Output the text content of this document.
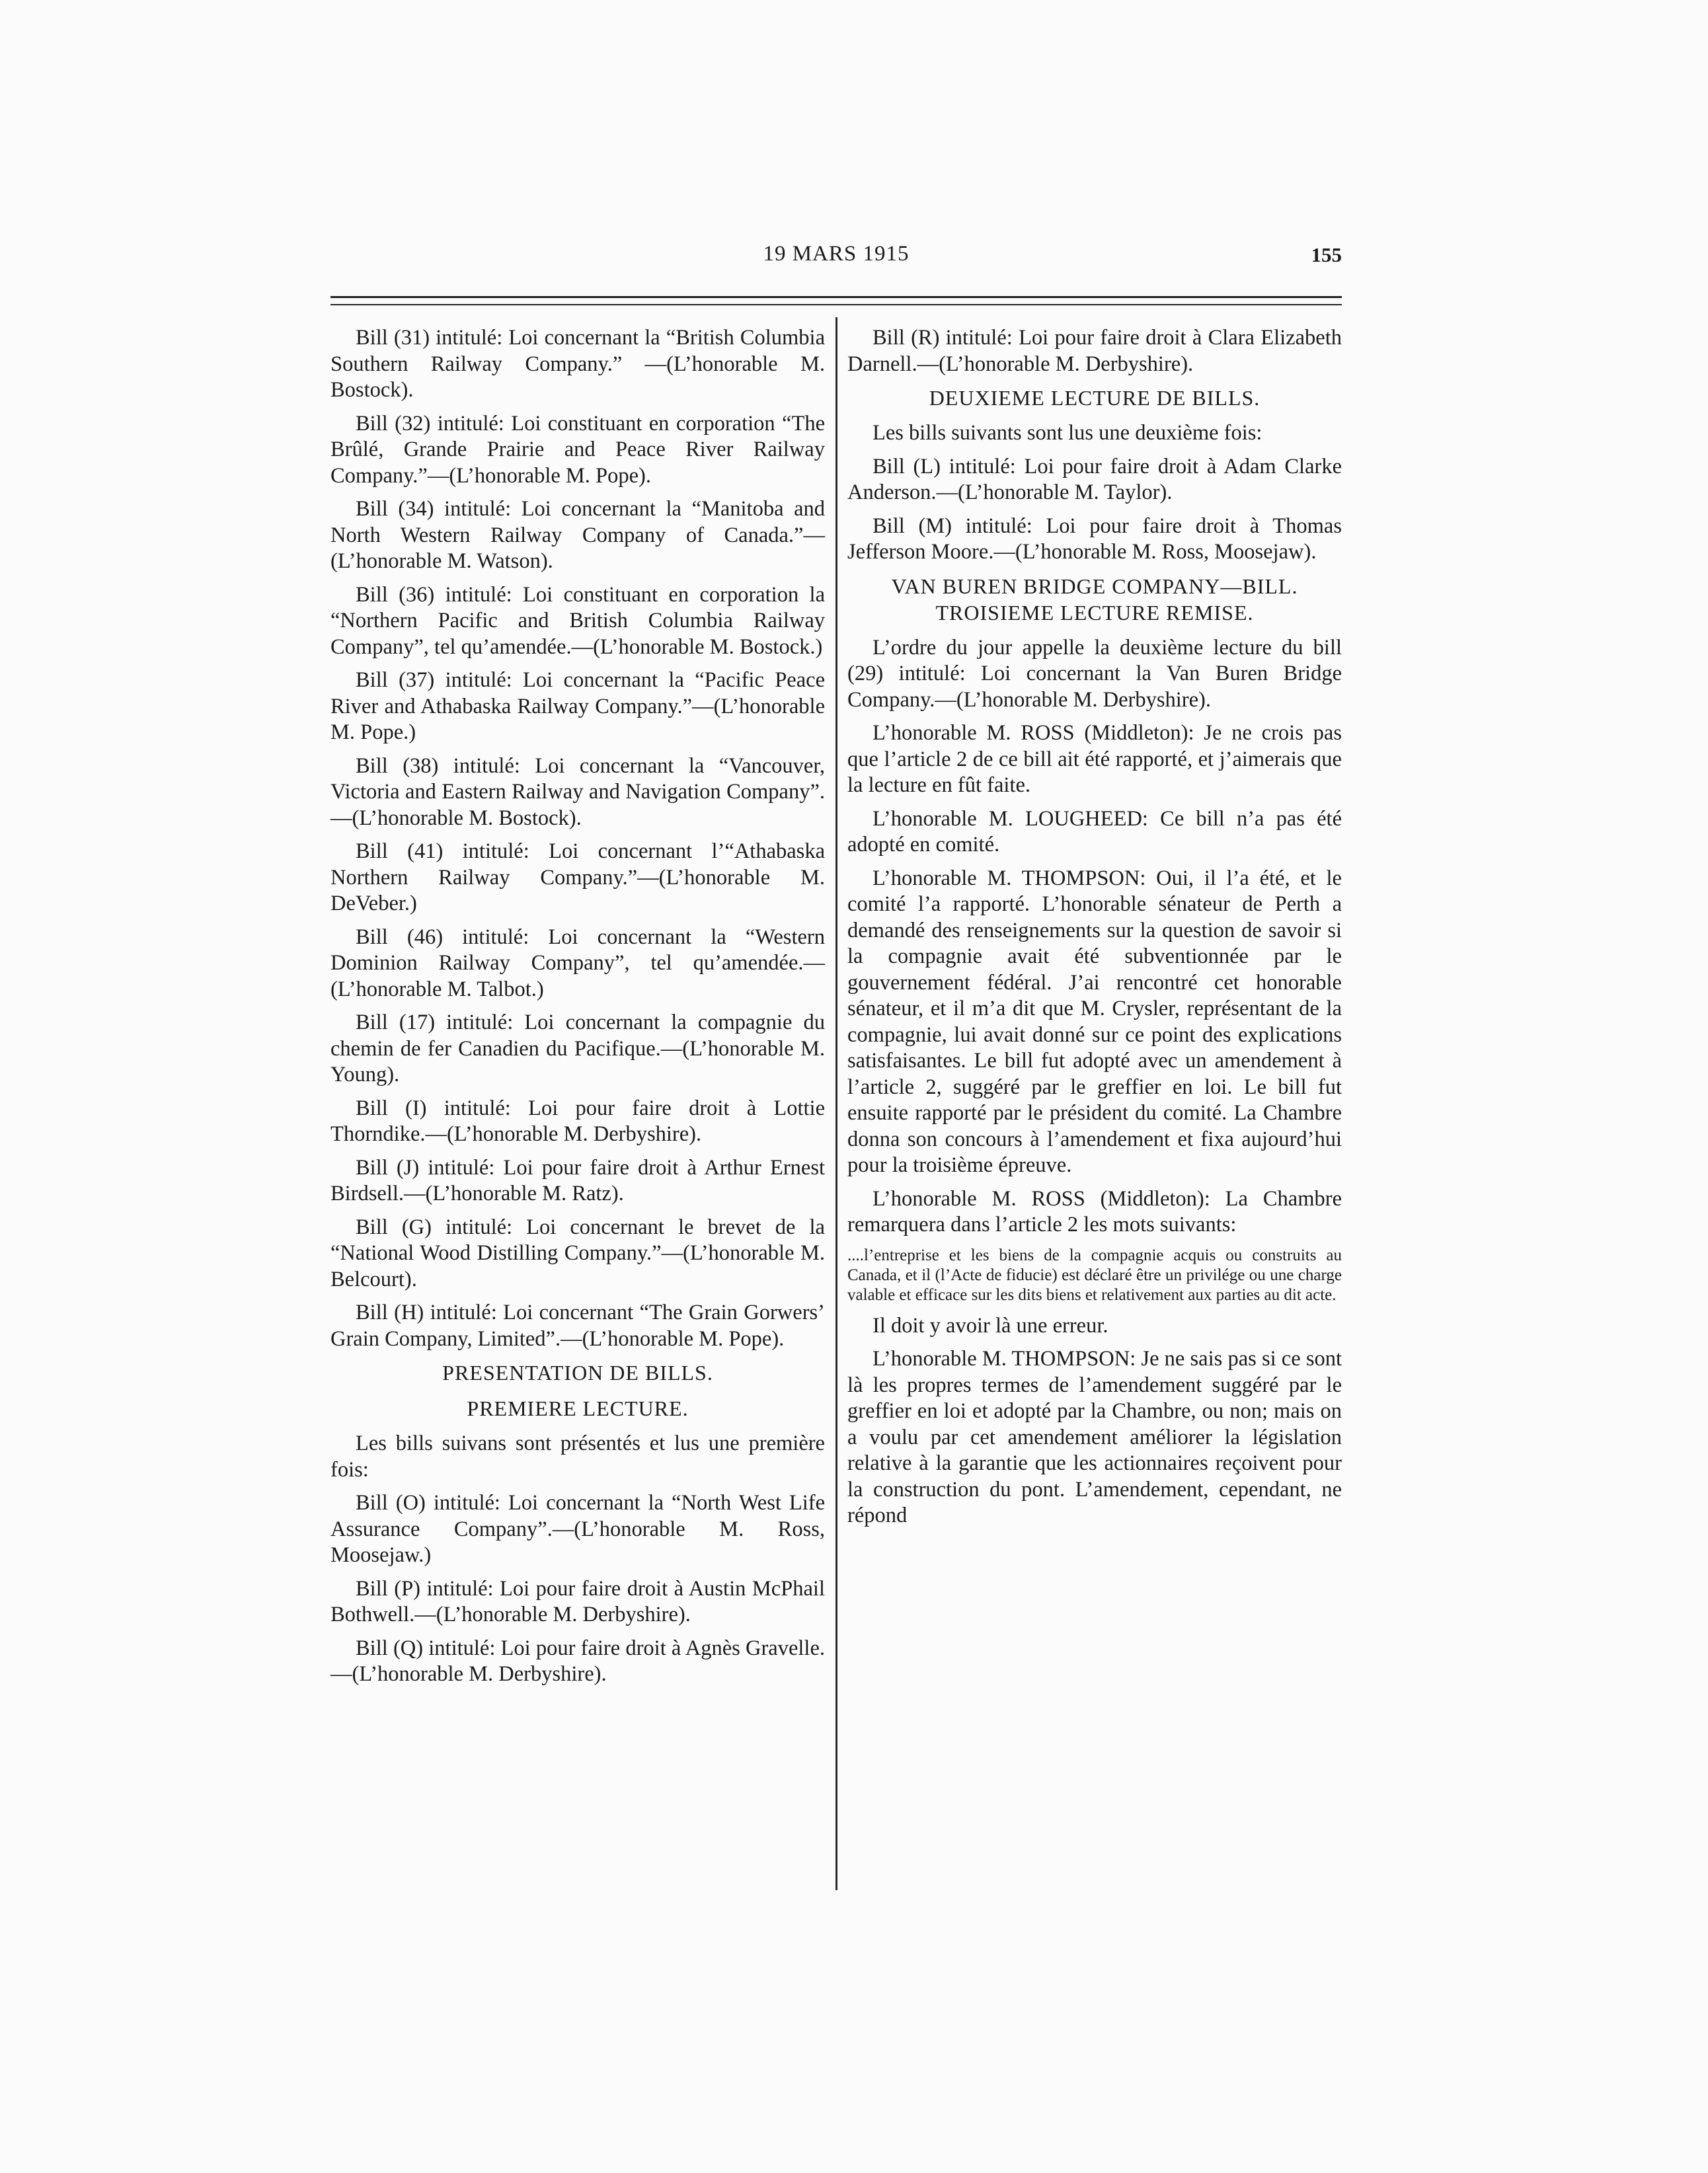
19 MARS 1915	155

Bill (31) intitulé: Loi concernant la “British Columbia Southern Railway Company.” —(L’honorable M. Bostock).

Bill (32) intitulé: Loi constituant en corporation “The Brûlé, Grande Prairie and Peace River Railway Company.”—(L’honorable M. Pope).

Bill (34) intitulé: Loi concernant la “Manitoba and North Western Railway Company of Canada.”—(L’honorable M. Watson).

Bill (36) intitulé: Loi constituant en corporation la “Northern Pacific and British Columbia Railway Company”, tel qu’amendée.—(L’honorable M. Bostock.)

Bill (37) intitulé: Loi concernant la “Pacific Peace River and Athabaska Railway Company.”—(L’honorable M. Pope.)

Bill (38) intitulé: Loi concernant la “Vancouver, Victoria and Eastern Railway and Navigation Company”.—(L’honorable M. Bostock).

Bill (41) intitulé: Loi concernant l’“Athabaska Northern Railway Company.”—(L’honorable M. DeVeber.)

Bill (46) intitulé: Loi concernant la “Western Dominion Railway Company”, tel qu’amendée.—(L’honorable M. Talbot.)

Bill (17) intitulé: Loi concernant la compagnie du chemin de fer Canadien du Pacifique.—(L’honorable M. Young).

Bill (I) intitulé: Loi pour faire droit à Lottie Thorndike.—(L’honorable M. Derbyshire).

Bill (J) intitulé: Loi pour faire droit à Arthur Ernest Birdsell.—(L’honorable M. Ratz).

Bill (G) intitulé: Loi concernant le brevet de la “National Wood Distilling Company.”—(L’honorable M. Belcourt).

Bill (H) intitulé: Loi concernant “The Grain Gorwers’ Grain Company, Limited”.—(L’honorable M. Pope).

PRESENTATION DE BILLS.
PREMIERE LECTURE.

Les bills suivans sont présentés et lus une première fois:

Bill (O) intitulé: Loi concernant la “North West Life Assurance Company”.—(L’honorable M. Ross, Moosejaw.)

Bill (P) intitulé: Loi pour faire droit à Austin McPhail Bothwell.—(L’honorable M. Derbyshire).

Bill (Q) intitulé: Loi pour faire droit à Agnès Gravelle.—(L’honorable M. Derbyshire).

Bill (R) intitulé: Loi pour faire droit à Clara Elizabeth Darnell.—(L’honorable M. Derbyshire).

DEUXIEME LECTURE DE BILLS.

Les bills suivants sont lus une deuxième fois:

Bill (L) intitulé: Loi pour faire droit à Adam Clarke Anderson.—(L’honorable M. Taylor).

Bill (M) intitulé: Loi pour faire droit à Thomas Jefferson Moore.—(L’honorable M. Ross, Moosejaw).

VAN BUREN BRIDGE COMPANY—BILL. TROISIEME LECTURE REMISE.

L’ordre du jour appelle la deuxième lecture du bill (29) intitulé: Loi concernant la Van Buren Bridge Company.—(L’honorable M. Derbyshire).

L’honorable M. ROSS (Middleton): Je ne crois pas que l’article 2 de ce bill ait été rapporté, et j’aimerais que la lecture en fût faite.

L’honorable M. LOUGHEED: Ce bill n’a pas été adopté en comité.

L’honorable M. THOMPSON: Oui, il l’a été, et le comité l’a rapporté. L’honorable sénateur de Perth a demandé des renseignements sur la question de savoir si la compagnie avait été subventionnée par le gouvernement fédéral. J’ai rencontré cet honorable sénateur, et il m’a dit que M. Crysler, représentant de la compagnie, lui avait donné sur ce point des explications satisfaisantes. Le bill fut adopté avec un amendement à l’article 2, suggéré par le greffier en loi. Le bill fut ensuite rapporté par le président du comité. La Chambre donna son concours à l’amendement et fixa aujourd’hui pour la troisième épreuve.

L’honorable M. ROSS (Middleton): La Chambre remarquera dans l’article 2 les mots suivants:

....l’entreprise et les biens de la compagnie acquis ou construits au Canada, et il (l’Acte de fiducie) est déclaré être un privilége ou une charge valable et efficace sur les dits biens et relativement aux parties au dit acte.

Il doit y avoir là une erreur.

L’honorable M. THOMPSON: Je ne sais pas si ce sont là les propres termes de l’amendement suggéré par le greffier en loi et adopté par la Chambre, ou non; mais on a voulu par cet amendement améliorer la législation relative à la garantie que les actionnaires reçoivent pour la construction du pont. L’amendement, cependant, ne répond
